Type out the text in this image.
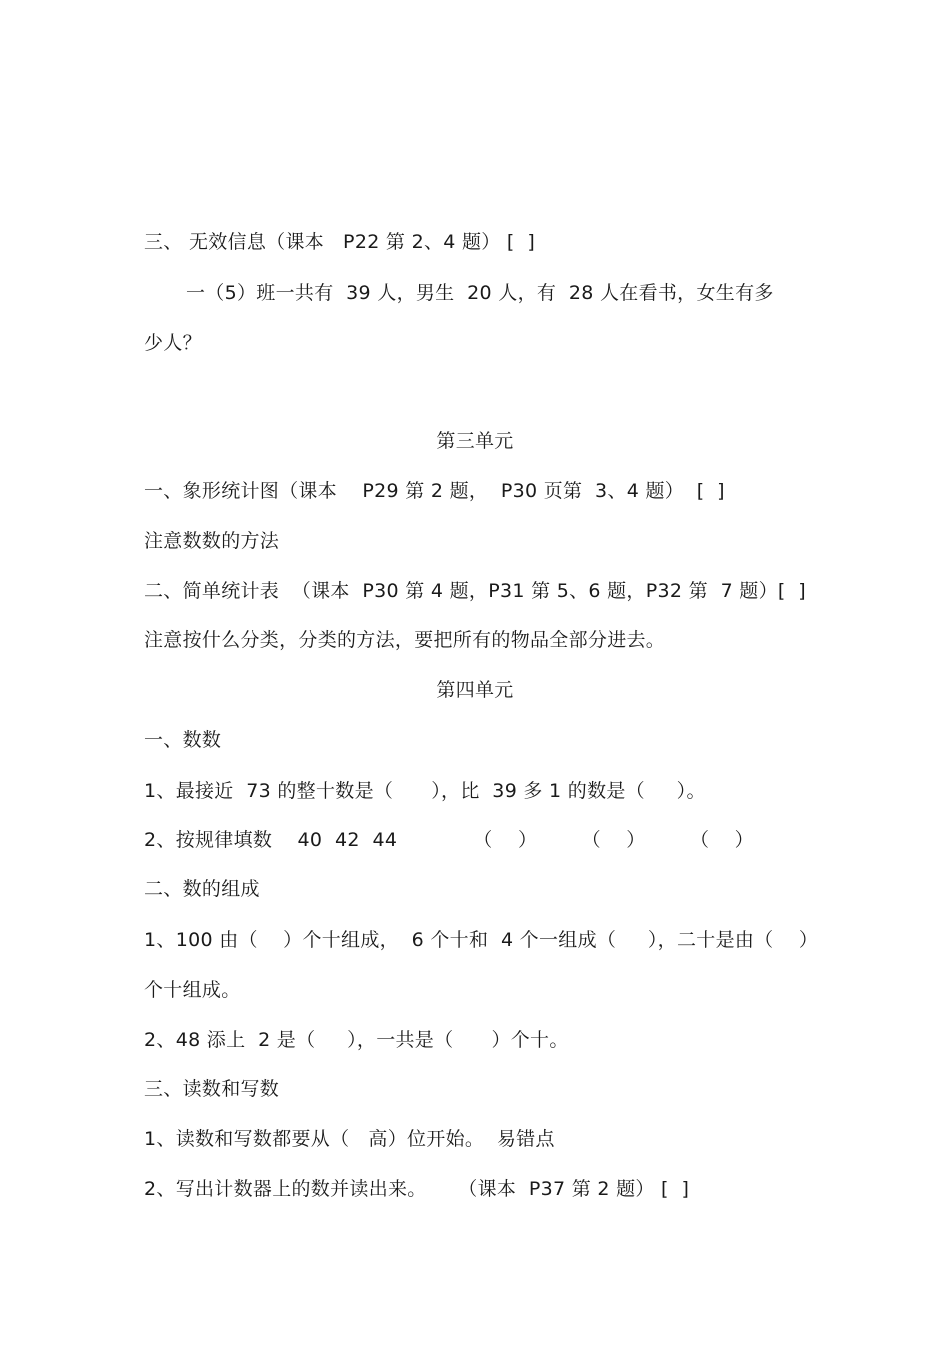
三、 无效信息（课本   P22 第 2、4 题） [  ]
一（5）班一共有  39 人，男生  20 人，有  28 人在看书，女生有多
少人？
第三单元
一、象形统计图（课本    P29 第 2 题，  P30 页第  3、4 题）  [  ]
注意数数的方法
二、简单统计表  （课本  P30 第 4 题，P31 第 5、6 题，P32 第  7 题）[  ]
注意按什么分类，分类的方法，要把所有的物品全部分进去。
第四单元
一、数数
1、最接近  73 的整十数是（      ），比  39 多 1 的数是（     ）。
2、按规律填数    40  42  44            （    ）       （    ）       （    ）
二、数的组成
1、100 由（    ）个十组成，  6 个十和  4 个一组成（     ），二十是由（    ）
个十组成。
2、48 添上  2 是（     ），一共是（      ）个十。
三、读数和写数
1、读数和写数都要从（   高）位开始。  易错点
2、写出计数器上的数并读出来。     （课本  P37 第 2 题） [  ]
